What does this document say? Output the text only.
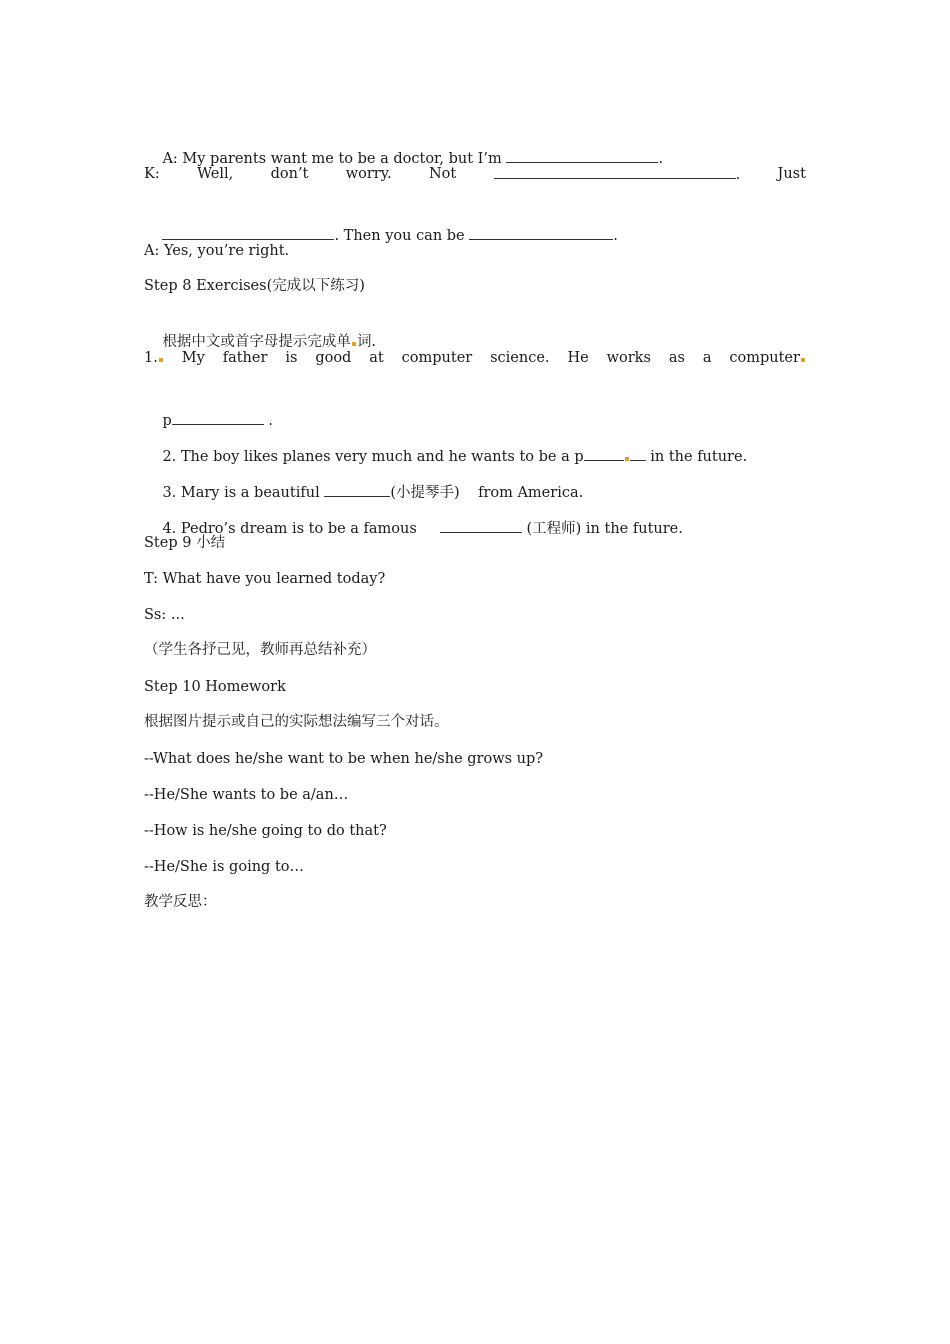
A: My parents want me to be a doctor, but I’m	.

K:	Well,	don’t	worry.	Not	.	Just

. Then you can be	.

A: Yes, you’re right.
Step 8 Exercises(完成以下练习)

根据中文或首字母提示完成单 词.

1.	My father is good at computer science. He works as a computer

p	.

2. The boy likes planes very much and he wants to be a p	in the future.

3. Mary is a beautiful	(小提琴手) from America.

4. Pedro’s dream is to be a famous	(工程师) in the future.

Step 9 小结
T: What have you learned today?
Ss: ...
（学生各抒己见，教师再总结补充）
Step 10 Homework
根据图片提示或自己的实际想法编写三个对话。
--What does he/she want to be when he/she grows up?
--He/She wants to be a/an…
--How is he/she going to do that?
--He/She is going to…
教学反思：
